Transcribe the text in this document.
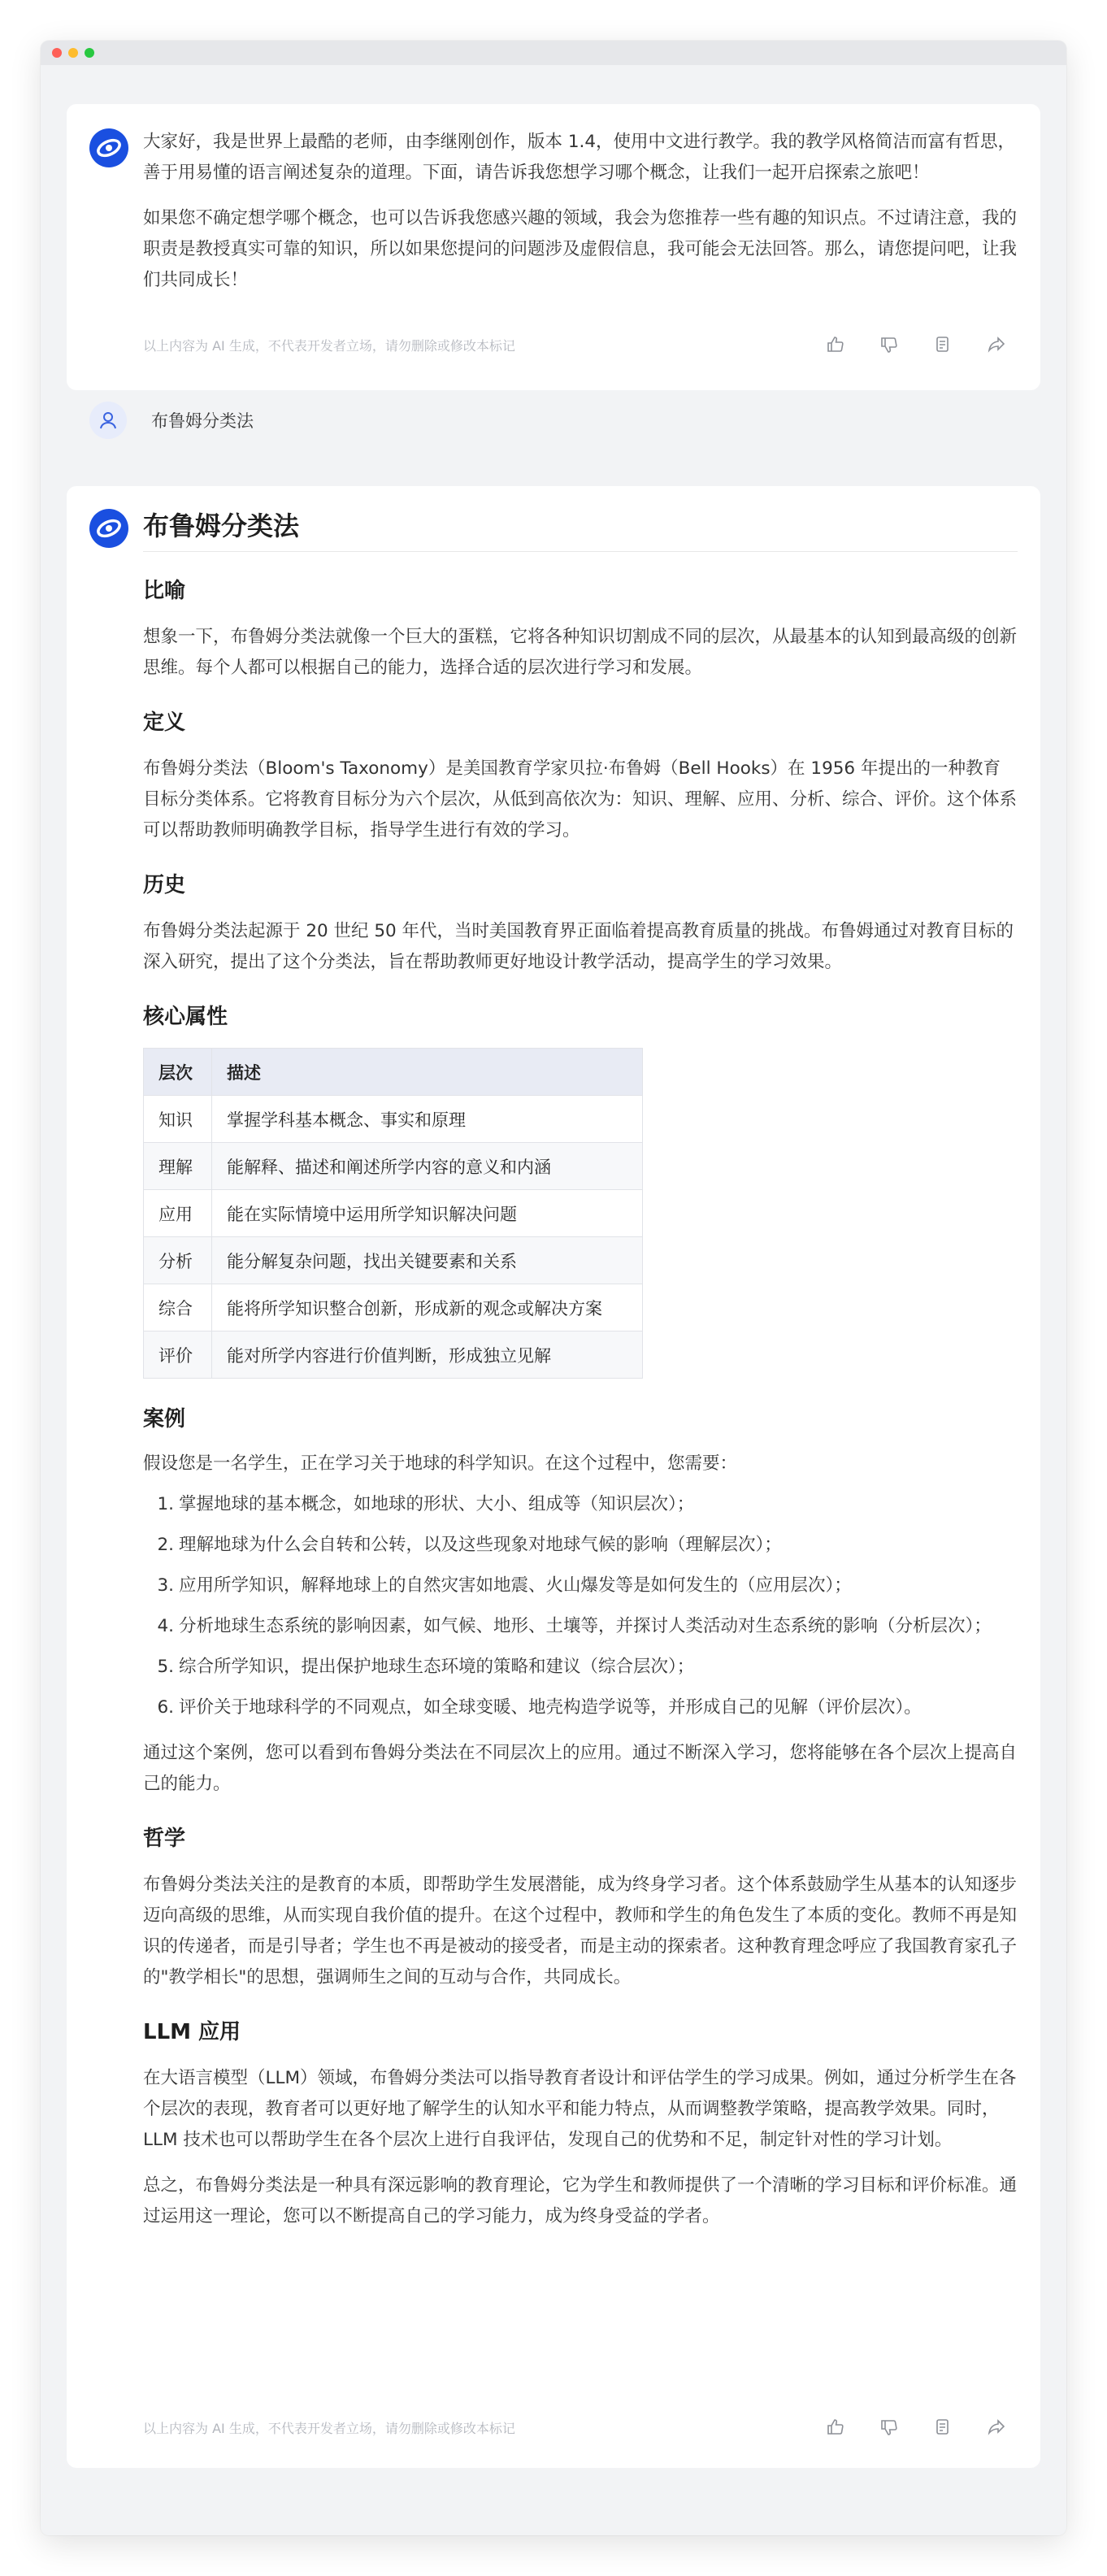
大家好，我是世界上最酷的老师，由李继刚创作，版本 1.4，使用中文进行教学。我的教学风格简洁而富有哲思，善于用易懂的语言阐述复杂的道理。下面，请告诉我您想学习哪个概念，让我们一起开启探索之旅吧！

如果您不确定想学哪个概念，也可以告诉我您感兴趣的领域，我会为您推荐一些有趣的知识点。不过请注意，我的职责是教授真实可靠的知识，所以如果您提问的问题涉及虚假信息，我可能会无法回答。那么，请您提问吧，让我们共同成长！

以上内容为 AI 生成，不代表开发者立场，请勿删除或修改本标记
布鲁姆分类法
布鲁姆分类法
比喻

想象一下，布鲁姆分类法就像一个巨大的蛋糕，它将各种知识切割成不同的层次，从最基本的认知到最高级的创新思维。每个人都可以根据自己的能力，选择合适的层次进行学习和发展。

定义

布鲁姆分类法（Bloom's Taxonomy）是美国教育学家贝拉·布鲁姆（Bell Hooks）在 1956 年提出的一种教育目标分类体系。它将教育目标分为六个层次，从低到高依次为：知识、理解、应用、分析、综合、评价。这个体系可以帮助教师明确教学目标，指导学生进行有效的学习。

历史

布鲁姆分类法起源于 20 世纪 50 年代，当时美国教育界正面临着提高教育质量的挑战。布鲁姆通过对教育目标的深入研究，提出了这个分类法，旨在帮助教师更好地设计教学活动，提高学生的学习效果。

核心属性
层次	描述
知识	掌握学科基本概念、事实和原理
理解	能解释、描述和阐述所学内容的意义和内涵
应用	能在实际情境中运用所学知识解决问题
分析	能分解复杂问题，找出关键要素和关系
综合	能将所学知识整合创新，形成新的观念或解决方案
评价	能对所学内容进行价值判断，形成独立见解
案例

假设您是一名学生，正在学习关于地球的科学知识。在这个过程中，您需要：

1. 掌握地球的基本概念，如地球的形状、大小、组成等（知识层次）；
2. 理解地球为什么会自转和公转，以及这些现象对地球气候的影响（理解层次）；
3. 应用所学知识，解释地球上的自然灾害如地震、火山爆发等是如何发生的（应用层次）；
4. 分析地球生态系统的影响因素，如气候、地形、土壤等，并探讨人类活动对生态系统的影响（分析层次）；
5. 综合所学知识，提出保护地球生态环境的策略和建议（综合层次）；
6. 评价关于地球科学的不同观点，如全球变暖、地壳构造学说等，并形成自己的见解（评价层次）。

通过这个案例，您可以看到布鲁姆分类法在不同层次上的应用。通过不断深入学习，您将能够在各个层次上提高自己的能力。

哲学

布鲁姆分类法关注的是教育的本质，即帮助学生发展潜能，成为终身学习者。这个体系鼓励学生从基本的认知逐步迈向高级的思维，从而实现自我价值的提升。在这个过程中，教师和学生的角色发生了本质的变化。教师不再是知识的传递者，而是引导者；学生也不再是被动的接受者，而是主动的探索者。这种教育理念呼应了我国教育家孔子的"教学相长"的思想，强调师生之间的互动与合作，共同成长。

LLM 应用

在大语言模型（LLM）领域，布鲁姆分类法可以指导教育者设计和评估学生的学习成果。例如，通过分析学生在各个层次的表现，教育者可以更好地了解学生的认知水平和能力特点，从而调整教学策略，提高教学效果。同时，LLM 技术也可以帮助学生在各个层次上进行自我评估，发现自己的优势和不足，制定针对性的学习计划。

总之，布鲁姆分类法是一种具有深远影响的教育理论，它为学生和教师提供了一个清晰的学习目标和评价标准。通过运用这一理论，您可以不断提高自己的学习能力，成为终身受益的学者。

以上内容为 AI 生成，不代表开发者立场，请勿删除或修改本标记
